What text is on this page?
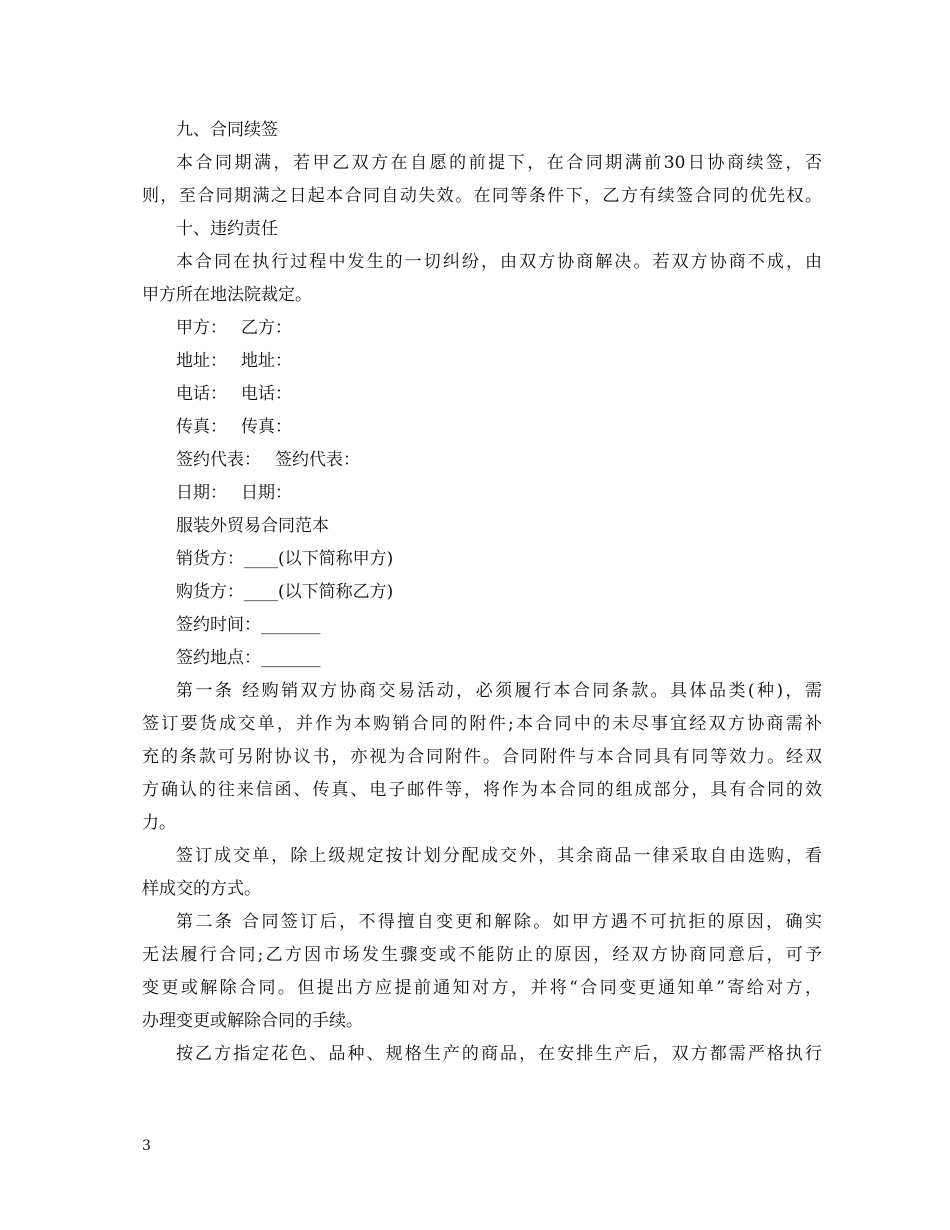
九、合同续签
本合同期满，若甲乙双方在自愿的前提下，在合同期满前30日协商续签，否
则，至合同期满之日起本合同自动失效。在同等条件下，乙方有续签合同的优先权。
十、违约责任
本合同在执行过程中发生的一切纠纷，由双方协商解决。若双方协商不成，由
甲方所在地法院裁定。
甲方： 乙方：
地址： 地址：
电话： 电话：
传真： 传真：
签约代表： 签约代表：
日期： 日期：
服装外贸易合同范本
销货方：____(以下简称甲方)
购货方：____(以下简称乙方)
签约时间：_______
签约地点：_______
第一条 经购销双方协商交易活动，必须履行本合同条款。具体品类(种)，需
签订要货成交单，并作为本购销合同的附件;本合同中的未尽事宜经双方协商需补
充的条款可另附协议书，亦视为合同附件。合同附件与本合同具有同等效力。经双
方确认的往来信函、传真、电子邮件等，将作为本合同的组成部分，具有合同的效
力。
签订成交单，除上级规定按计划分配成交外，其余商品一律采取自由选购，看
样成交的方式。
第二条 合同签订后，不得擅自变更和解除。如甲方遇不可抗拒的原因，确实
无法履行合同;乙方因市场发生骤变或不能防止的原因，经双方协商同意后，可予
变更或解除合同。但提出方应提前通知对方，并将“合同变更通知单”寄给对方，
办理变更或解除合同的手续。
按乙方指定花色、品种、规格生产的商品，在安排生产后，双方都需严格执行
3
